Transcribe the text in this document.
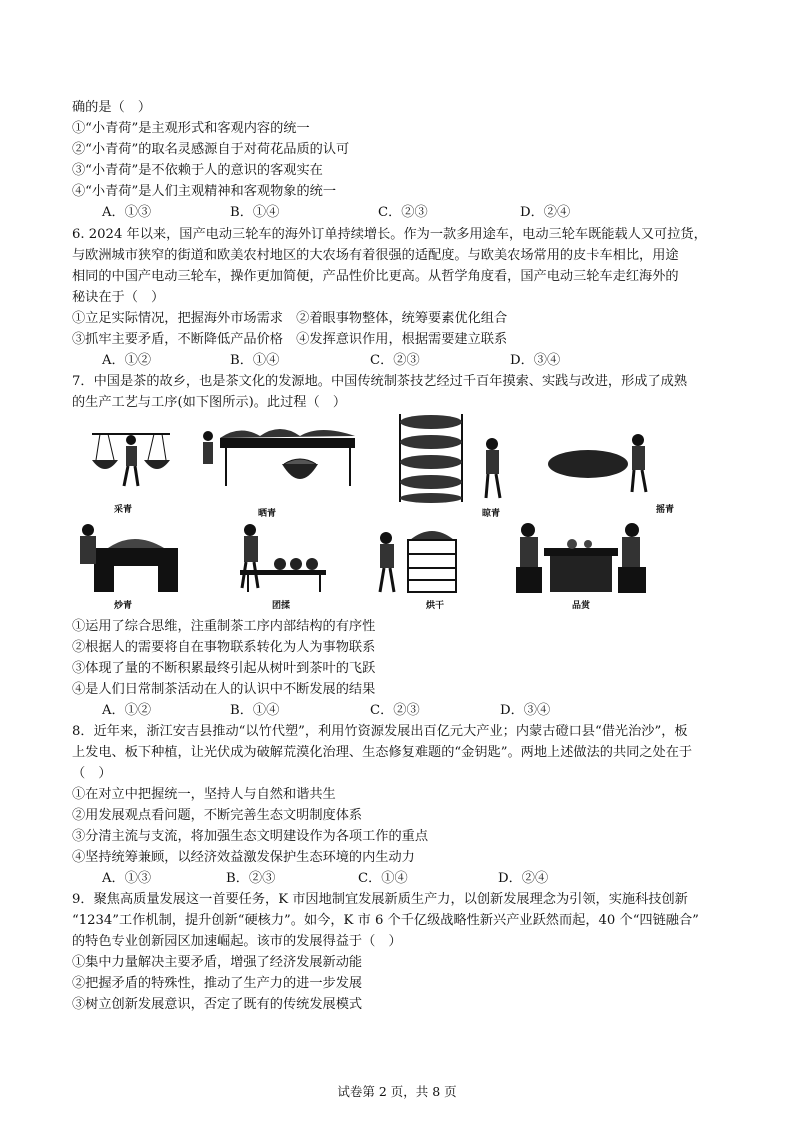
确的是（　）
①“小青荷”是主观形式和客观内容的统一
②“小青荷”的取名灵感源自于对荷花品质的认可
③“小青荷”是不依赖于人的意识的客观实在
④“小青荷”是人们主观精神和客观物象的统一
A．①③	B．①④	C．②③	D．②④
6. 2024 年以来，国产电动三轮车的海外订单持续增长。作为一款多用途车，电动三轮车既能载人又可拉货，
与欧洲城市狭窄的街道和欧美农村地区的大农场有着很强的适配度。与欧美农场常用的皮卡车相比，用途
相同的中国产电动三轮车，操作更加简便，产品性价比更高。从哲学角度看，国产电动三轮车走红海外的
秘诀在于（　）
①立足实际情况，把握海外市场需求　②着眼事物整体，统筹要素优化组合
③抓牢主要矛盾，不断降低产品价格　④发挥意识作用，根据需要建立联系
A．①②	B．①④	C．②③	D．③④
7．中国是茶的故乡，也是茶文化的发源地。中国传统制茶技艺经过千百年摸索、实践与改进，形成了成熟
的生产工艺与工序(如下图所示)。此过程（　）
采青	晒青	晾青	摇青
炒青	团揉	烘干	品赏
①运用了综合思维，注重制茶工序内部结构的有序性
②根据人的需要将自在事物联系转化为人为事物联系
③体现了量的不断积累最终引起从树叶到茶叶的飞跃
④是人们日常制茶活动在人的认识中不断发展的结果
A．①②	B．①④	C．②③	D．③④
8．近年来，浙江安吉县推动“以竹代塑”，利用竹资源发展出百亿元大产业；内蒙古磴口县“借光治沙”，板
上发电、板下种植，让光伏成为破解荒漠化治理、生态修复难题的“金钥匙”。两地上述做法的共同之处在于
（　）
①在对立中把握统一，坚持人与自然和谐共生
②用发展观点看问题，不断完善生态文明制度体系
③分清主流与支流，将加强生态文明建设作为各项工作的重点
④坚持统筹兼顾，以经济效益激发保护生态环境的内生动力
A．①③	B．②③	C．①④	D．②④
9．聚焦高质量发展这一首要任务，K 市因地制宜发展新质生产力，以创新发展理念为引领，实施科技创新
“1234”工作机制，提升创新“硬核力”。如今，K 市 6 个千亿级战略性新兴产业跃然而起，40 个“四链融合”
的特色专业创新园区加速崛起。该市的发展得益于（　）
①集中力量解决主要矛盾，增强了经济发展新动能
②把握矛盾的特殊性，推动了生产力的进一步发展
③树立创新发展意识，否定了既有的传统发展模式
试卷第 2 页，共 8 页
